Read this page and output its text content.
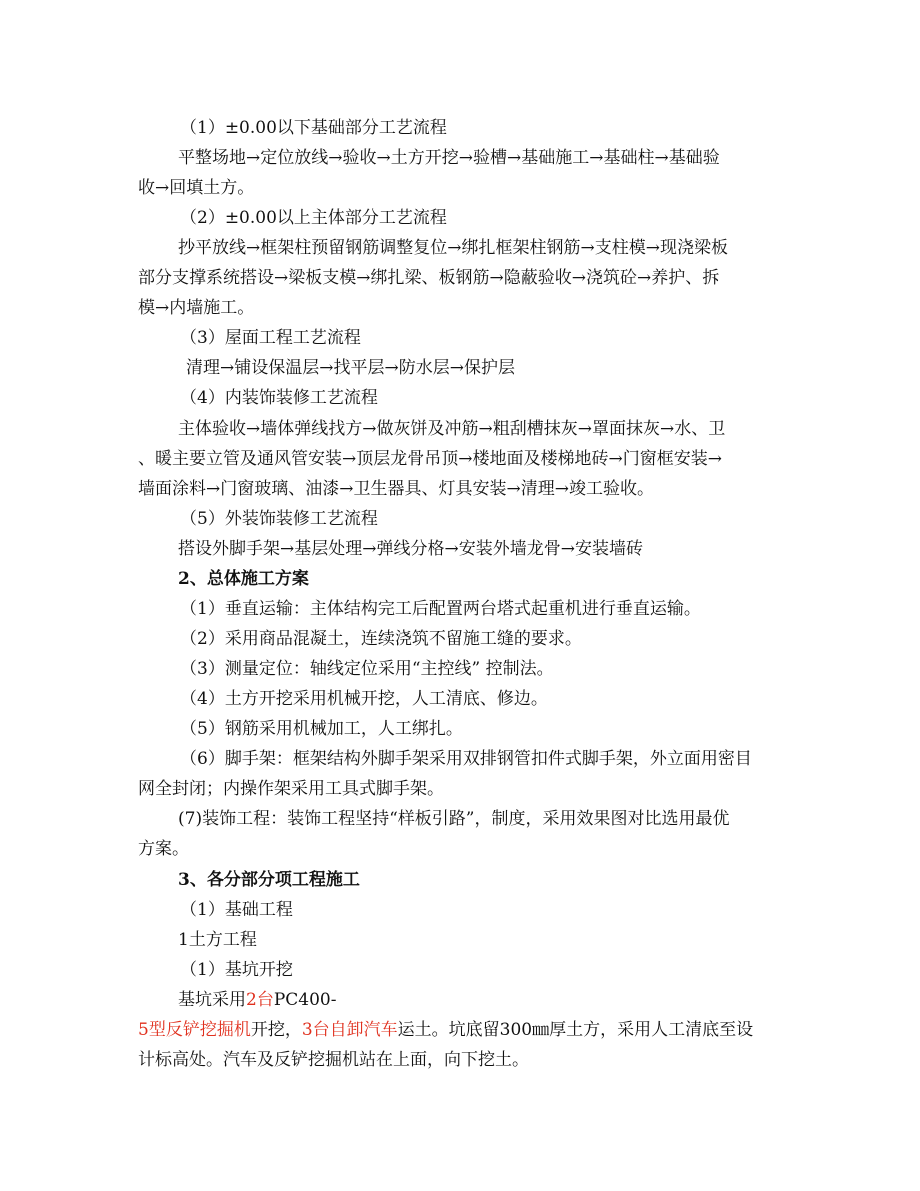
（1）±0.00以下基础部分工艺流程
平整场地→定位放线→验收→土方开挖→验槽→基础施工→基础柱→基础验
收→回填土方。
（2）±0.00以上主体部分工艺流程
抄平放线→框架柱预留钢筋调整复位→绑扎框架柱钢筋→支柱模→现浇梁板
部分支撑系统搭设→梁板支模→绑扎梁、板钢筋→隐蔽验收→浇筑砼→养护、拆
模→内墙施工。
（3）屋面工程工艺流程
清理→铺设保温层→找平层→防水层→保护层
（4）内装饰装修工艺流程
主体验收→墙体弹线找方→做灰饼及冲筋→粗刮槽抹灰→罩面抹灰→水、卫
、暖主要立管及通风管安装→顶层龙骨吊顶→楼地面及楼梯地砖→门窗框安装→
墙面涂料→门窗玻璃、油漆→卫生器具、灯具安装→清理→竣工验收。
（5）外装饰装修工艺流程
搭设外脚手架→基层处理→弹线分格→安装外墙龙骨→安装墙砖
2、总体施工方案
（1）垂直运输：主体结构完工后配置两台塔式起重机进行垂直运输。
（2）采用商品混凝土，连续浇筑不留施工缝的要求。
（3）测量定位：轴线定位采用“主控线” 控制法。
（4）土方开挖采用机械开挖，人工清底、修边。
（5）钢筋采用机械加工，人工绑扎。
（6）脚手架：框架结构外脚手架采用双排钢管扣件式脚手架，外立面用密目
网全封闭；内操作架采用工具式脚手架。
(7)装饰工程：装饰工程坚持“样板引路”，制度，采用效果图对比选用最优
方案。
3、各分部分项工程施工
（1）基础工程
1土方工程
（1）基坑开挖
基坑采用2台PC400-
5型反铲挖掘机开挖，3台自卸汽车运土。坑底留300㎜厚土方，采用人工清底至设
计标高处。汽车及反铲挖掘机站在上面，向下挖土。
